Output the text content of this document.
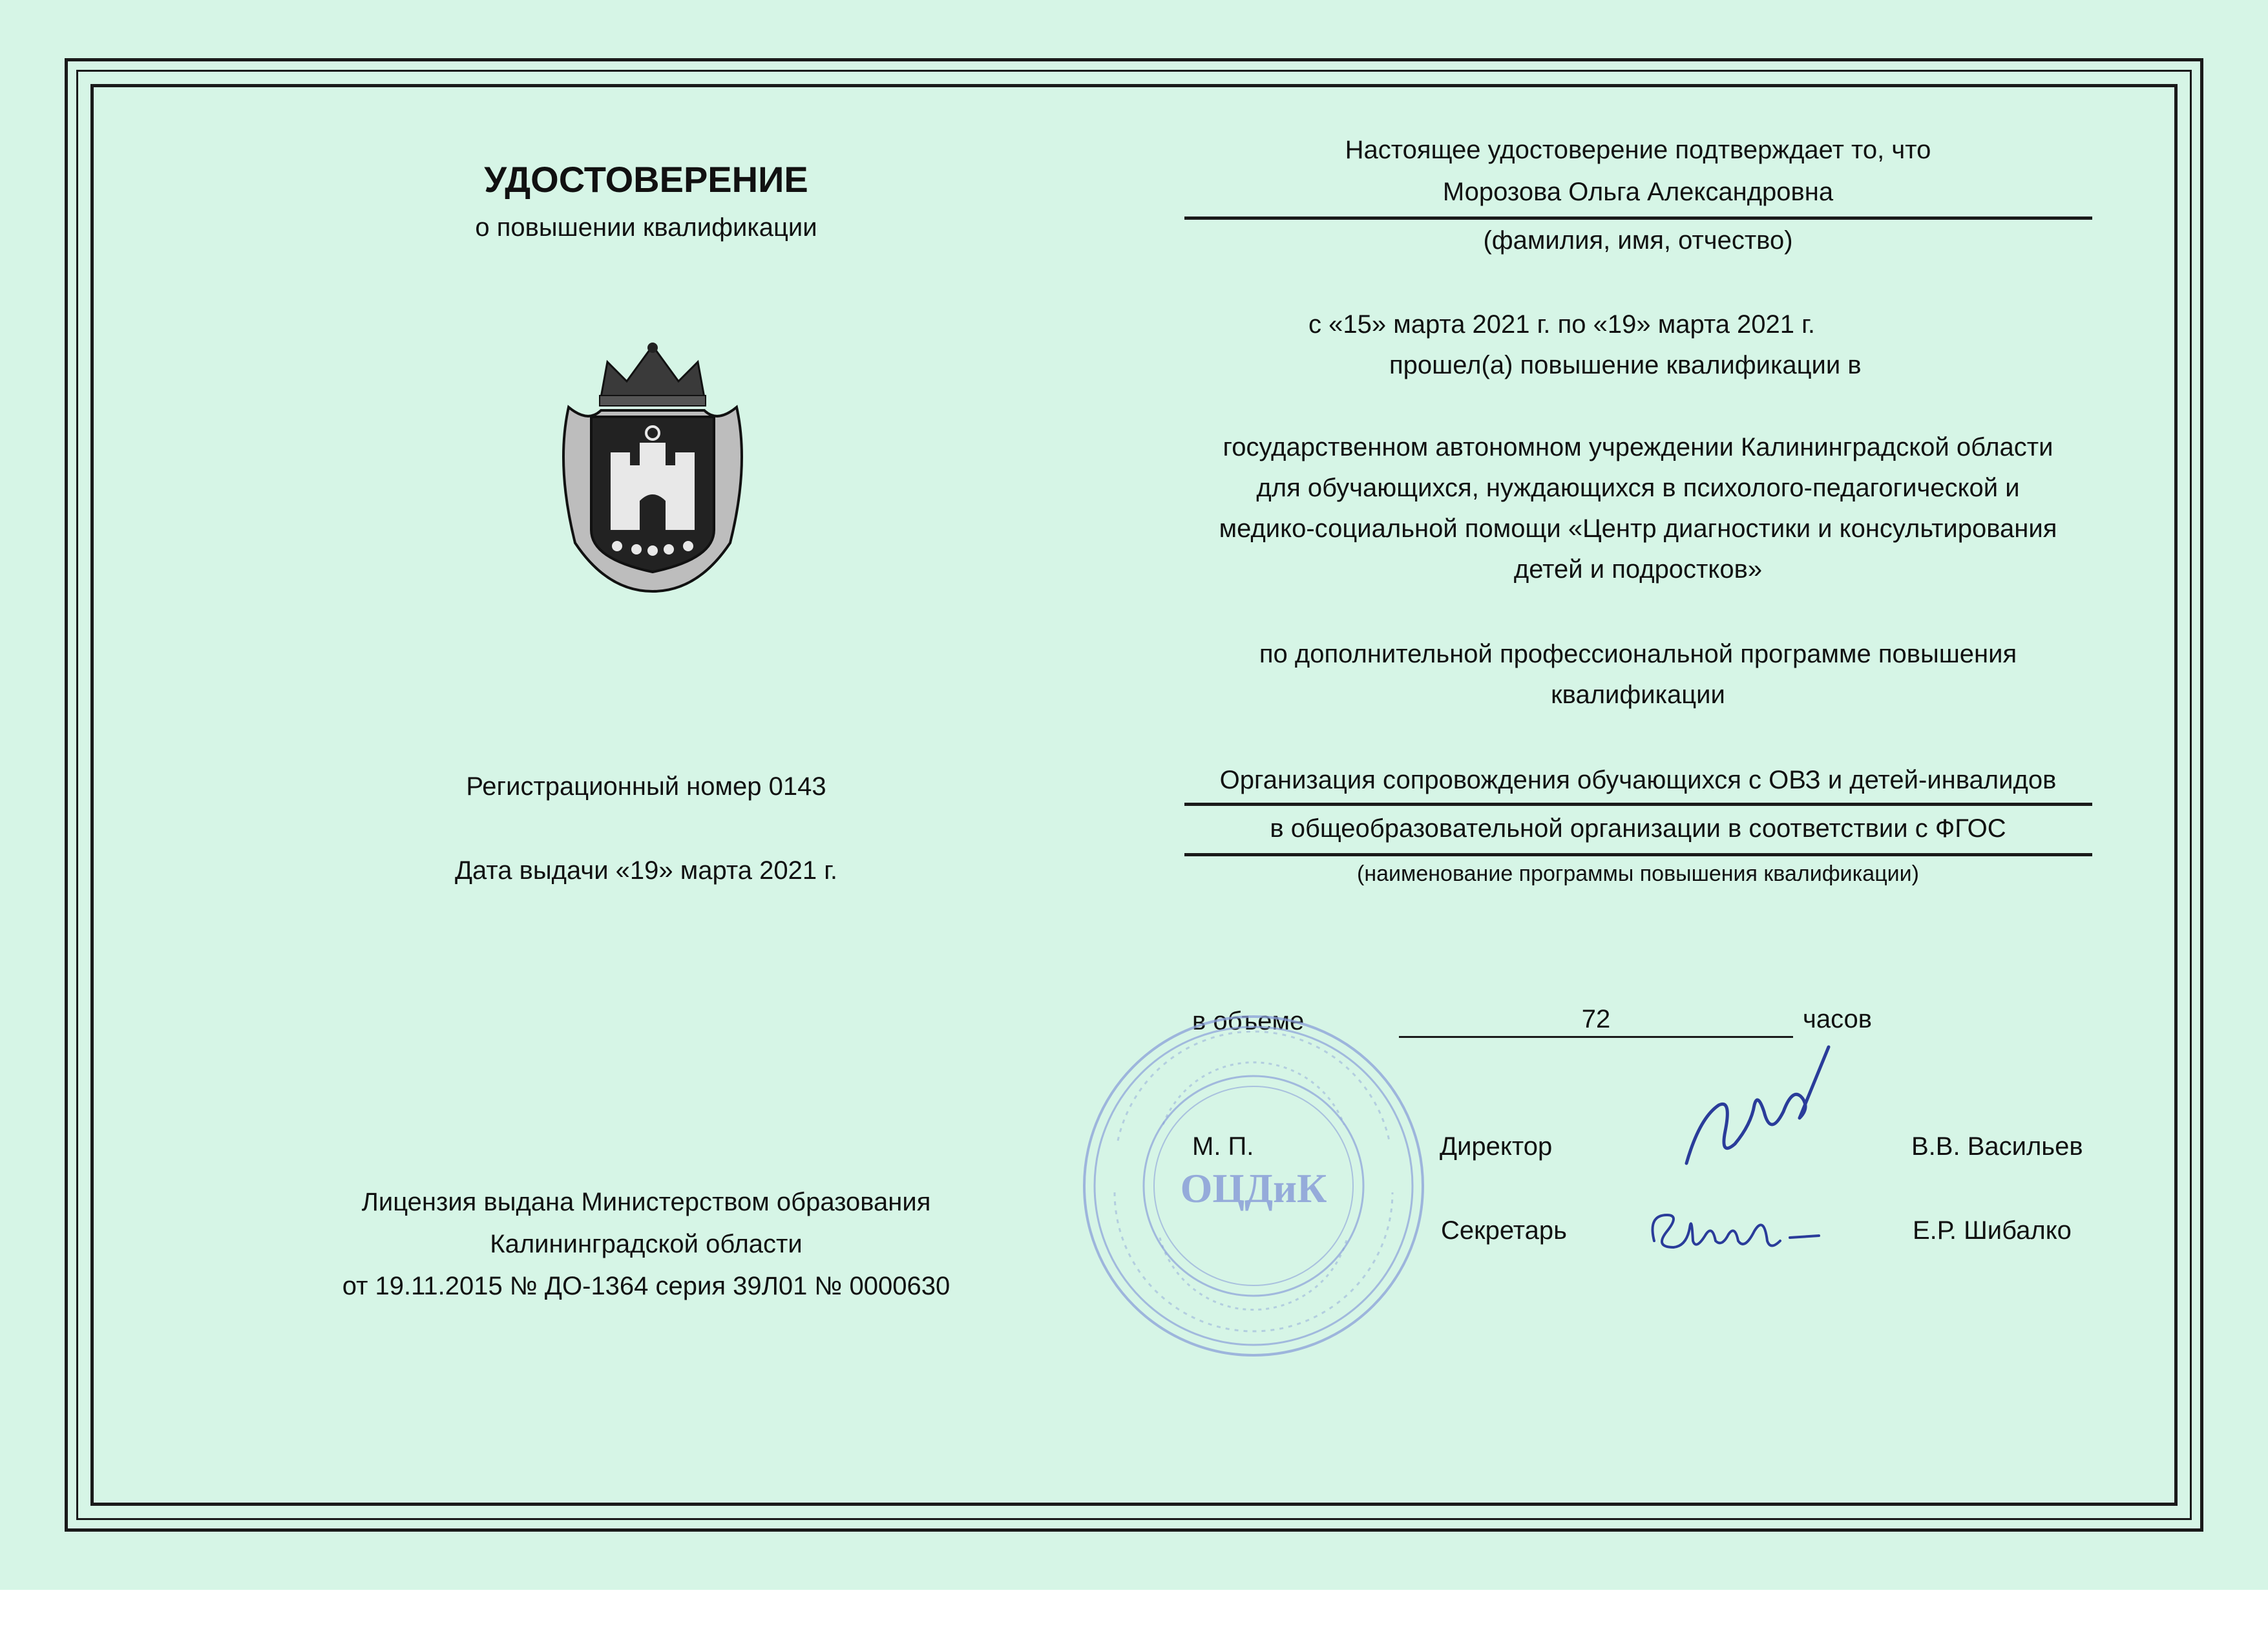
УДОСТОВЕРЕНИЕ
о повышении квалификации
Регистрационный номер 0143
Дата выдачи «19» марта 2021 г.
Лицензия выдана Министерством образования
Калининградской области
от 19.11.2015 № ДО-1364 серия 39Л01 № 0000630
Настоящее удостоверение подтверждает то, что
Морозова Ольга Александровна
(фамилия, имя, отчество)
с «15» марта 2021 г. по «19» марта 2021 г.
прошел(а) повышение квалификации в
государственном автономном учреждении Калининградской области
для обучающихся, нуждающихся в психолого-педагогической и
медико-социальной помощи «Центр диагностики и консультирования
детей и подростков»
по дополнительной профессиональной программе повышения
квалификации
Организация сопровождения обучающихся с ОВЗ и детей-инвалидов
в общеобразовательной организации в соответствии с ФГОС
(наименование программы повышения квалификации)
в объеме	72	часов
ОЦДиК
М. П.	Директор	В.В. Васильев
Секретарь	Е.Р. Шибалко
